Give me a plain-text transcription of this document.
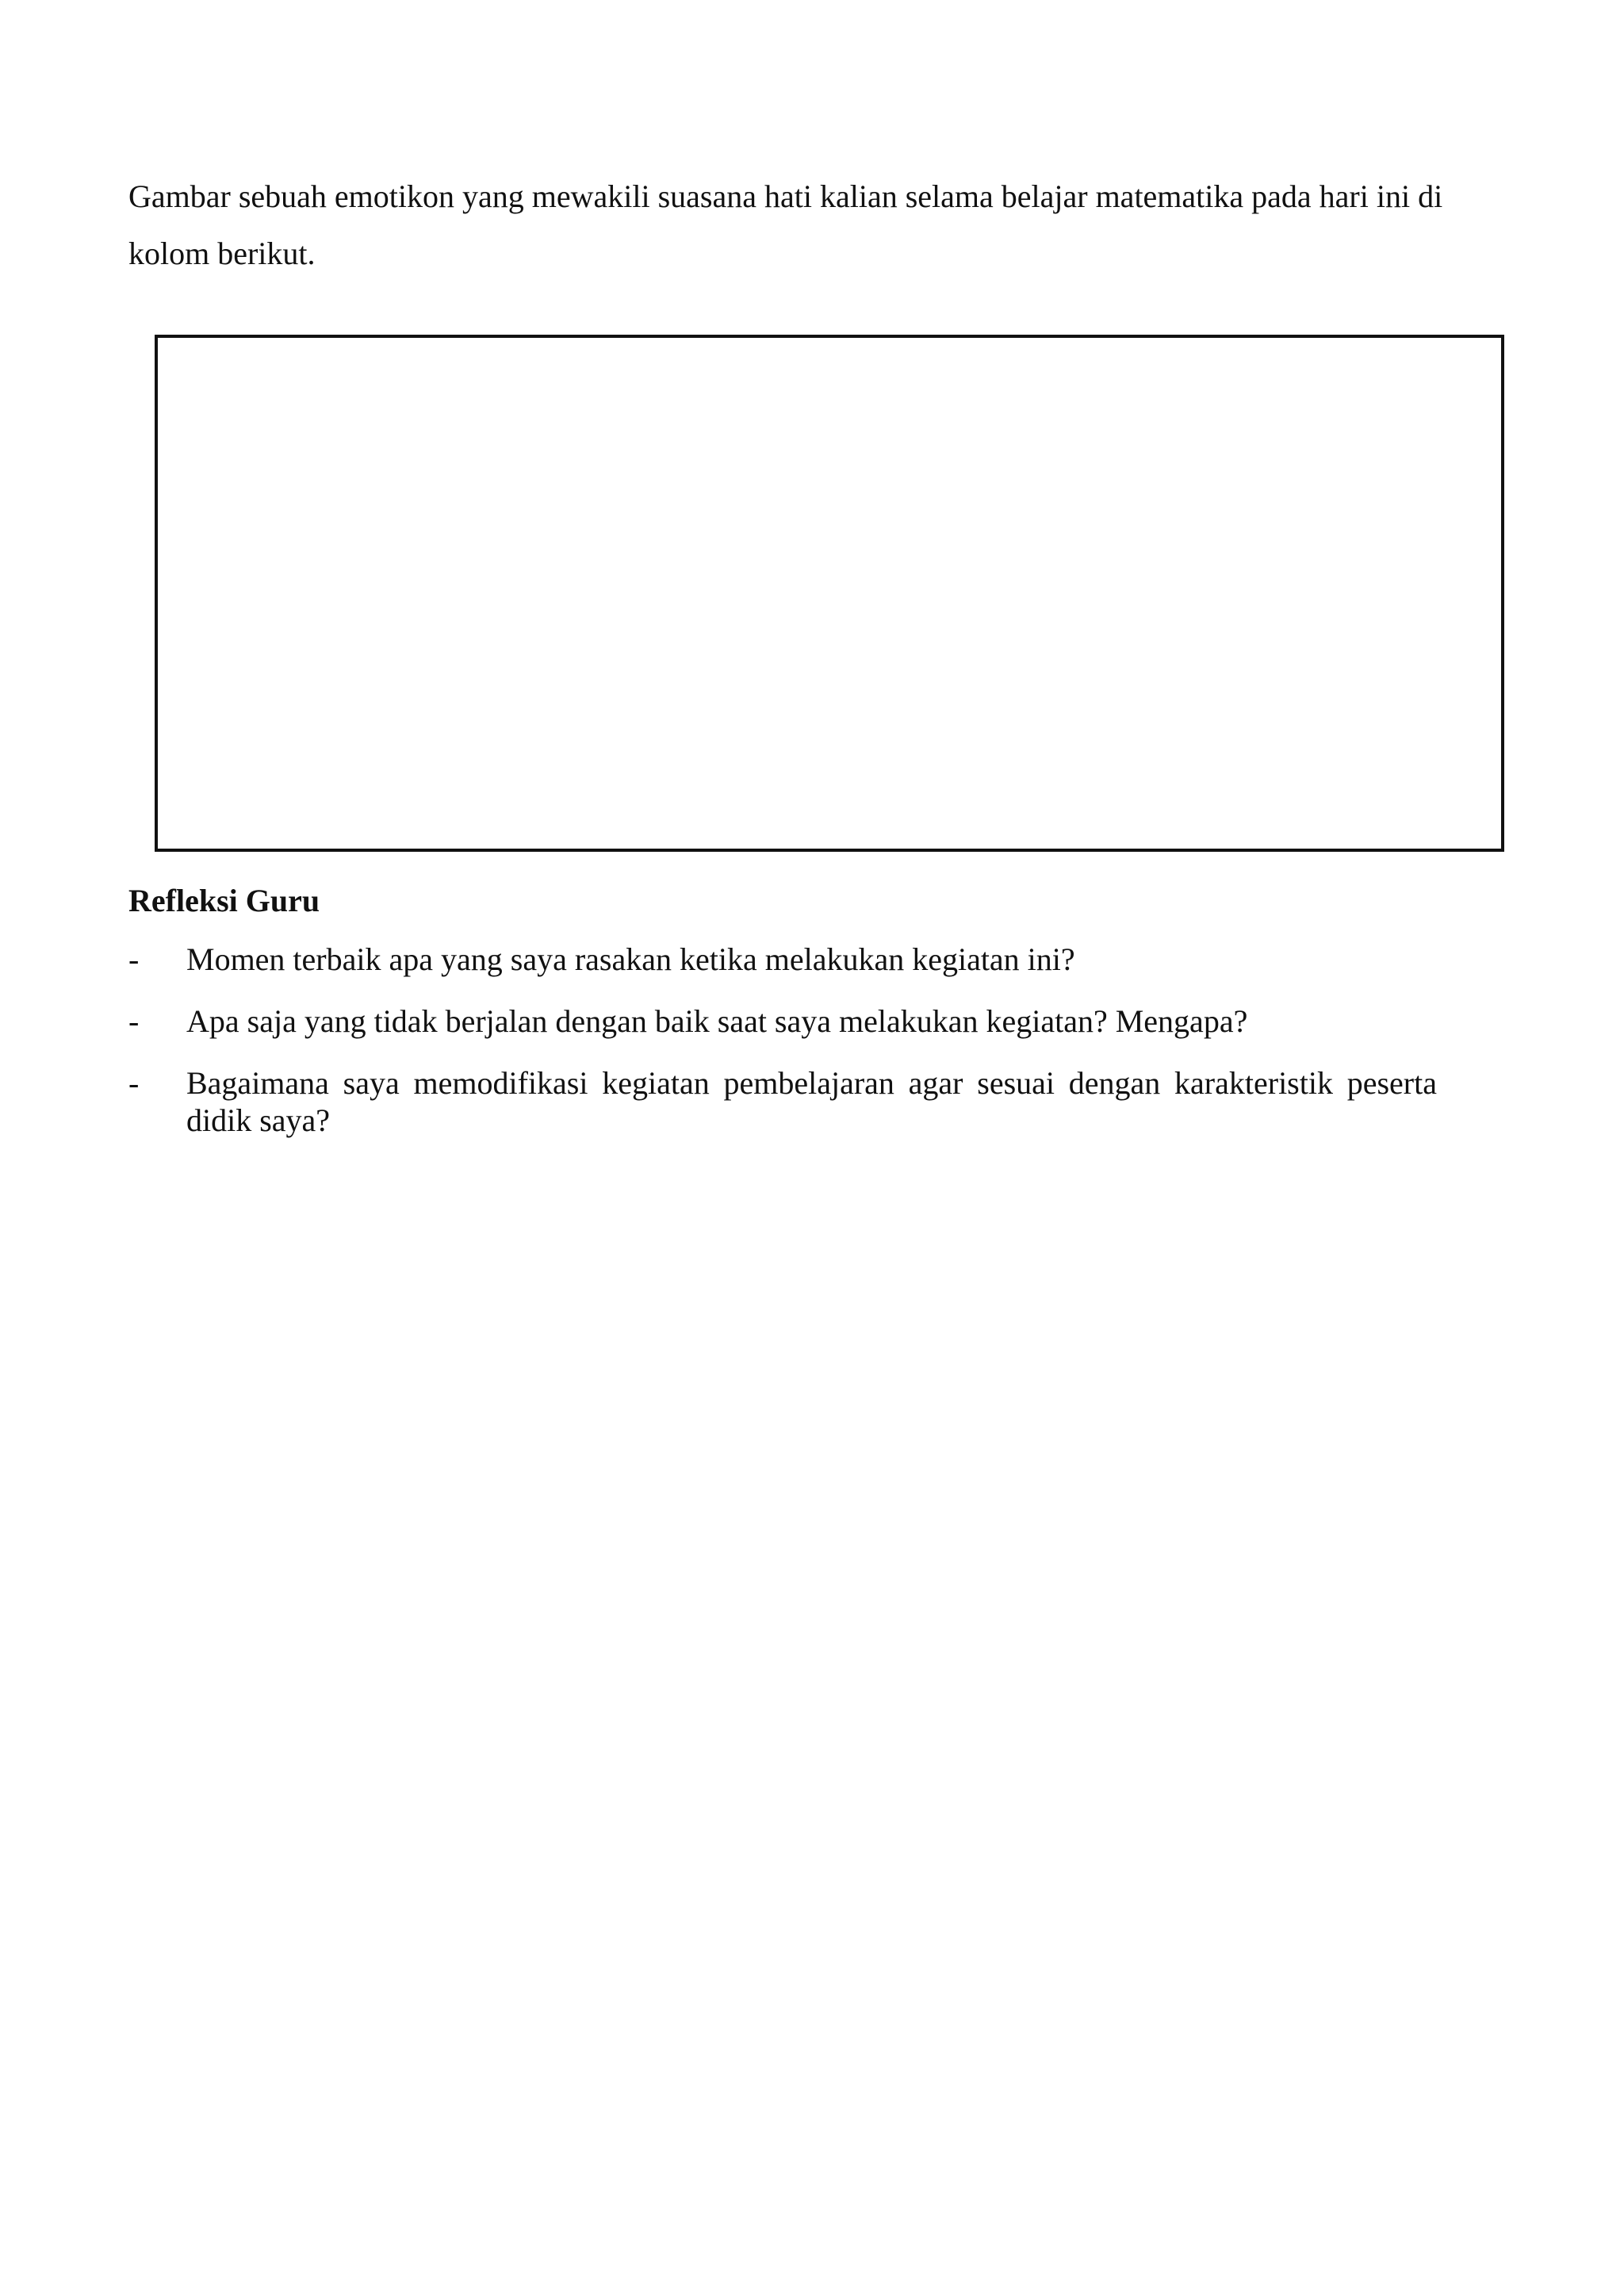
Gambar sebuah emotikon yang mewakili suasana hati kalian selama belajar matematika pada hari ini di kolom berikut.

Refleksi Guru
- Momen terbaik apa yang saya rasakan ketika melakukan kegiatan ini?
- Apa saja yang tidak berjalan dengan baik saat saya melakukan kegiatan? Mengapa?
- Bagaimana saya memodifikasi kegiatan pembelajaran agar sesuai dengan karakteristik peserta didik saya?
